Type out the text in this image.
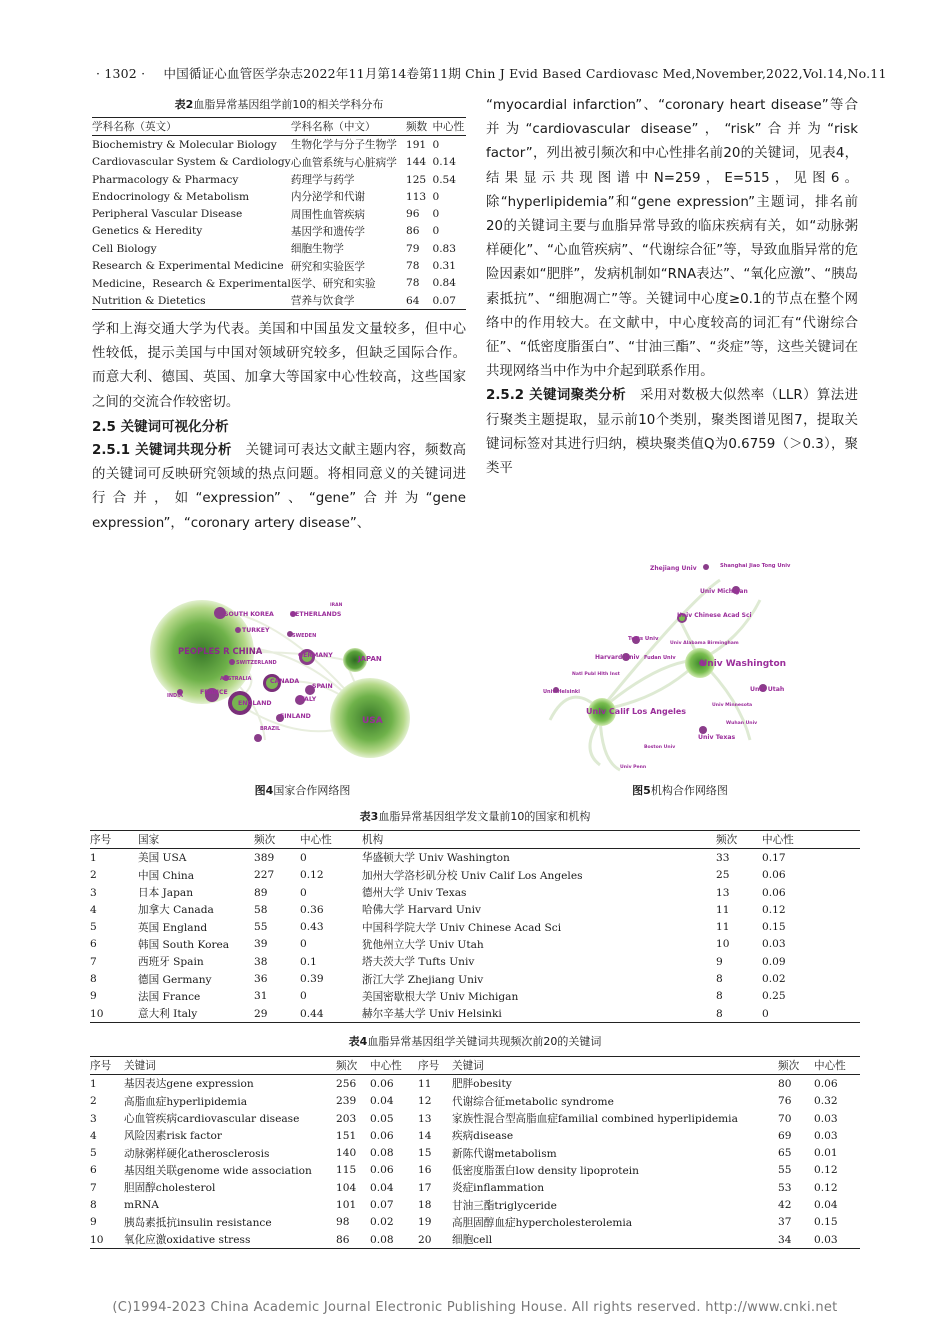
· 1302 · 中国循证心血管医学杂志2022年11月第14卷第11期 Chin J Evid Based Cardiovasc Med,November,2022,Vol.14,No.11
表2血脂异常基因组学前10的相关学科分布
学科名称（英文）	学科名称（中文）	频数	中心性
Biochemistry & Molecular Biology	生物化学与分子生物学	191	0
Cardiovascular System & Cardiology	心血管系统与心脏病学	144	0.14
Pharmacology & Pharmacy	药理学与药学	125	0.54
Endocrinology & Metabolism	内分泌学和代谢	113	0
Peripheral Vascular Disease	周围性血管疾病	96	0
Genetics & Heredity	基因学和遗传学	86	0
Cell Biology	细胞生物学	79	0.83
Research & Experimental Medicine	研究和实验医学	78	0.31
Medicine，Research & Experimental	医学、研究和实验	78	0.84
Nutrition & Dietetics	营养与饮食学	64	0.07

学和上海交通大学为代表。美国和中国虽发文量较多，但中心性较低，提示美国与中国对领域研究较多，但缺乏国际合作。而意大利、德国、英国、加拿大等国家中心性较高，这些国家之间的交流合作较密切。

2.5 关键词可视化分析

2.5.1 关键词共现分析  关键词可表达文献主题内容，频数高的关键词可反映研究领域的热点问题。将相同意义的关键词进行合并，如“expression”、“gene”合并为“gene expression”，“coronary artery disease”、

“myocardial infarction”、“coronary heart disease”等合并为“cardiovascular disease”，“risk”合并为“risk factor”，列出被引频次和中心性排名前20的关键词，见表4，结果显示共现图谱中N=259，E=515，见图6。除“hyperlipidemia”和“gene expression”主题词，排名前20的关键词主要与血脂异常导致的临床疾病有关，如“动脉粥样硬化”、“心血管疾病”、“代谢综合征”等，导致血脂异常的危险因素如“肥胖”，发病机制如“RNA表达”、“氧化应激”、“胰岛素抵抗”、“细胞凋亡”等。关键词中心度≥0.1的节点在整个网络中的作用较大。在文献中，中心度较高的词汇有“代谢综合征”、“低密度脂蛋白”、“甘油三酯”、“炎症”等，这些关键词在共现网络当中作为中介起到联系作用。

2.5.2 关键词聚类分析  采用对数极大似然率（LLR）算法进行聚类主题提取，显示前10个类别，聚类图谱见图7，提取关键词标签对其进行归纳，模块聚类值Q为0.6759（＞0.3），聚类平

SOUTH KOREA	NETHERLANDS
IRAN
TURKEY
SWEDEN
PEOPLES R CHINA	GERMANY	JAPAN
SWITZERLAND
AUSTRALIA	CANADA
SPAIN
FRANCE
INDIA
ENGLAND
ITALY
FINLAND	USA
BRAZIL
图4国家合作网络图
Zhejiang Univ	Shanghai Jiao Tong Univ
Univ Michigan
Univ Chinese Acad Sci
Tufts Univ
Univ Alabama Birmingham
Harvard Univ Fudan Univ
Univ Washington
Natl Publ Hlth Inst
Univ Helsinki	Univ Utah
Univ Minnesota
Univ Calif Los Angeles
Wuhan Univ
Univ Texas
Boston Univ
Univ Penn
图5机构合作网络图
表3血脂异常基因组学发文量前10的国家和机构
序号	国家	频次	中心性	机构	频次	中心性
1	美国 USA	389	0	华盛顿大学 Univ Washington	33	0.17
2	中国 China	227	0.12	加州大学洛杉矶分校 Univ Calif Los Angeles	25	0.06
3	日本 Japan	89	0	德州大学 Univ Texas	13	0.06
4	加拿大 Canada	58	0.36	哈佛大学 Harvard Univ	11	0.12
5	英国 England	55	0.43	中国科学院大学 Univ Chinese Acad Sci	11	0.15
6	韩国 South Korea	39	0	犹他州立大学 Univ Utah	10	0.03
7	西班牙 Spain	38	0.1	塔夫茨大学 Tufts Univ	9	0.09
8	德国 Germany	36	0.39	浙江大学 Zhejiang Univ	8	0.02
9	法国 France	31	0	美国密歇根大学 Univ Michigan	8	0.25
10	意大利 Italy	29	0.44	赫尔辛基大学 Univ Helsinki	8	0
表4血脂异常基因组学关键词共现频次前20的关键词
序号	关键词	频次	中心性	序号	关键词	频次	中心性
1	基因表达gene expression	256	0.06	11	肥胖obesity	80	0.06
2	高脂血症hyperlipidemia	239	0.04	12	代谢综合征metabolic syndrome	76	0.32
3	心血管疾病cardiovascular disease	203	0.05	13	家族性混合型高脂血症familial combined hyperlipidemia	70	0.03
4	风险因素risk factor	151	0.06	14	疾病disease	69	0.03
5	动脉粥样硬化atherosclerosis	140	0.08	15	新陈代谢metabolism	65	0.01
6	基因组关联genome wide association	115	0.06	16	低密度脂蛋白low density lipoprotein	55	0.12
7	胆固醇cholesterol	104	0.04	17	炎症inflammation	53	0.12
8	mRNA	101	0.07	18	甘油三酯triglyceride	42	0.04
9	胰岛素抵抗insulin resistance	98	0.02	19	高胆固醇血症hypercholesterolemia	37	0.15
10	氧化应激oxidative stress	86	0.08	20	细胞cell	34	0.03
(C)1994-2023 China Academic Journal Electronic Publishing House. All rights reserved. http://www.cnki.net
